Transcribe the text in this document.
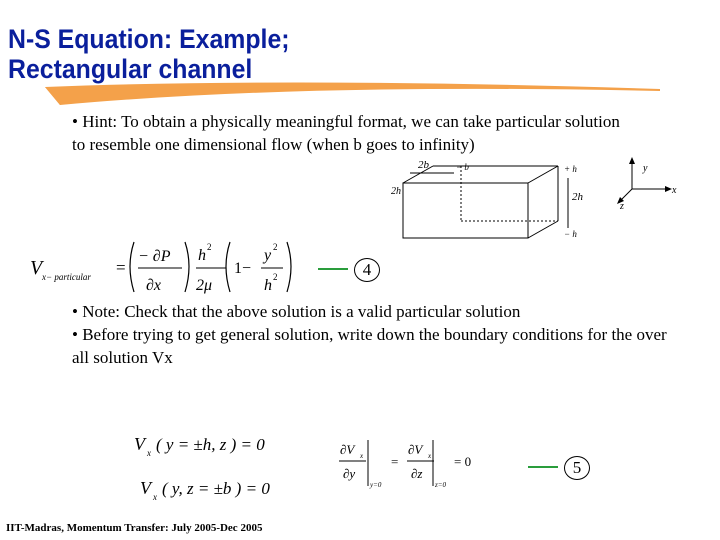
N-S Equation: Example;
Rectangular channel

• Hint: To obtain a physically meaningful format, we can take particular solution to resemble one dimensional flow (when b goes to infinity)

2b	− b
2h
+ h
2h
− h
y
x
z
V x− particular =
− ∂P
∂x
h 2
2μ
1−
y 2
h 2	4

• Note: Check that the above solution is a valid particular solution

• Before trying to get general solution, write down the boundary conditions for the over all solution Vx

V x ( y = ±h, z ) = 0
V x ( y, z = ±b ) = 0
∂V x
∂y
y=0
=
∂V x
∂z
z=0
= 0	5
IIT-Madras, Momentum Transfer: July 2005-Dec 2005
